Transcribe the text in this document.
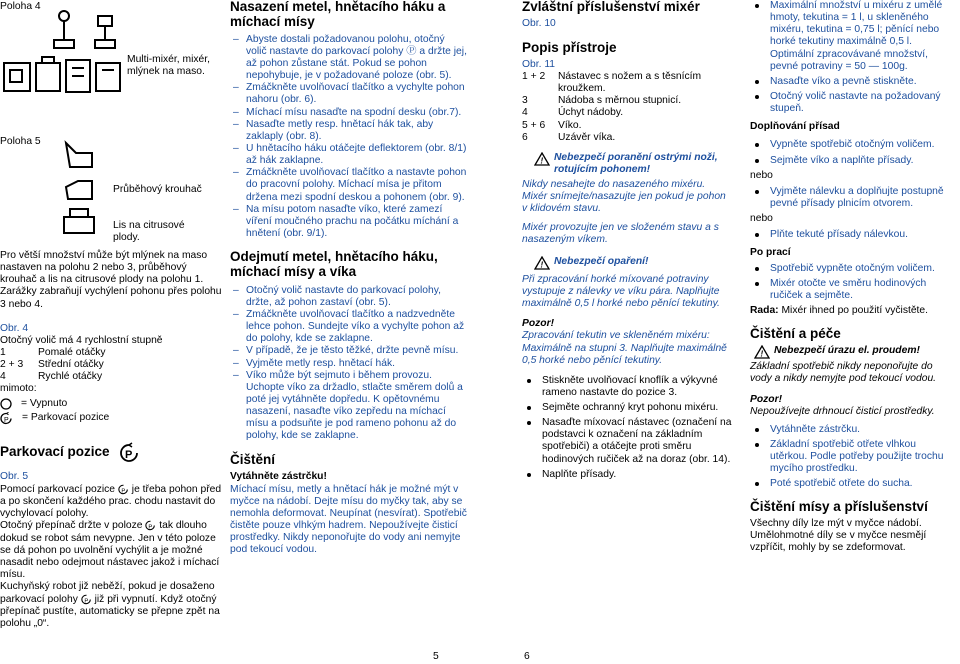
Poloha 4
Multi-mixér, mixér, mlýnek na maso.
Poloha 5
Průběhový krouhač
Lis na citrusové plody.

Pro větší množství může být mlýnek na maso nastaven na polohu 2 nebo 3, průběhový krouhač a lis na citrusové plody na polohu 1.

Zarážky zabraňují vychýlení pohonu přes polohu 3 nebo 4.

Obr. 4

Otočný volič má 4 rychlostní stupně

1	Pomalé otáčky
2 + 3	Střední otáčky
4	Rychlé otáčky

mimoto:

= Vypnuto
P = Parkovací pozice
Parkovací pozice P

Obr. 5

Pomocí parkovací pozice P je třeba pohon před a po skončení každého prac. chodu nastavit do vychylovací polohy.

Otočný přepínač držte v poloze P tak dlouho dokud se robot sám nevypne. Jen v této poloze se dá pohon po uvolnění vychýlit a je možné nasadit nebo odejmout nástavec jakož i míchací mísu.

Kuchyňský robot již neběží, pokud je dosaženo parkovací polohy P již při vypnutí. Když otočný přepínač pustíte, automaticky se přepne zpět na polohu „0“.

Nasazení metel, hnětacího háku a míchací mísy
– Abyste dostali požadovanou polohu, otočný volič nastavte do parkovací polohy Ⓟ a držte jej, až pohon zůstane stát. Pokud se pohon nepohybuje, je v požadované poloze (obr. 5).
– Zmáčkněte uvolňovací tlačítko a vychylte pohon nahoru (obr. 6).
– Míchací mísu nasaďte na spodní desku (obr.7).
– Nasaďte metly resp. hnětací hák tak, aby zaklaply (obr. 8).
– U hnětacího háku otáčejte deflektorem (obr. 8/1) až hák zaklapne.
– Zmáčkněte uvolňovací tlačítko a nastavte pohon do pracovní polohy. Míchací mísa je přitom držena mezi spodní deskou a pohonem (obr. 9).
– Na mísu potom nasaďte víko, které zamezí víření moučného prachu na počátku míchání a hnětení (obr. 9/1).
Odejmutí metel, hnětacího háku, míchací mísy a víka
– Otočný volič nastavte do parkovací polohy, držte, až pohon zastaví (obr. 5).
– Zmáčkněte uvolňovací tlačítko a nadzvedněte lehce pohon. Sundejte víko a vychylte pohon až do polohy, kde se zaklapne.
– V případě, že je těsto těžké, držte pevně mísu.
– Vyjměte metly resp. hnětací hák.
– Víko může být sejmuto i během provozu. Uchopte víko za držadlo, stlačte směrem dolů a poté jej vytáhněte dopředu. K opětovnému nasazení, nasaďte víko zepředu na míchací mísu a podsuňte je pod rameno pohonu až do polohy, kde se zaklapne.
Čištění

Vytáhněte zástrčku!

Míchací mísu, metly a hnětací hák je možné mýt v myčce na nádobí. Dejte mísu do myčky tak, aby se nemohla deformovat. Neupínat (nesvírat). Spotřebič čistěte pouze vlhkým hadrem. Nepoužívejte čisticí prostředky. Nikdy neponořujte do vody ani nemyjte pod tekoucí vodou.

Zvláštní příslušenství mixér

Obr. 10

Popis přístroje

Obr. 11

1 + 2	Nástavec s nožem a s těsnícím kroužkem.
3	Nádoba s měrnou stupnicí.
4	Úchyt nádoby.
5 + 6	Víko.
6	Uzávěr víka.
! Nebezpečí poranění ostrými noži, rotujícím pohonem!

Nikdy nesahejte do nasazeného mixéru. Mixér snímejte/nasazujte jen pokud je pohon v klidovém stavu.

Mixér provozujte jen ve složeném stavu a s nasazeným víkem.

! Nebezpečí opaření!

Při zpracování horké míxované potraviny vystupuje z nálevky ve víku pára. Naplňujte maximálně 0,5 l horké nebo pěnící tekutiny.

Pozor!

Zpracování tekutin ve skleněném mixéru: Maximálně na stupni 3. Naplňujte maximálně 0,5 horké nebo pěnící tekutiny.

Stiskněte uvolňovací knoflík a výkyvné rameno nastavte do pozice 3.
Sejměte ochranný kryt pohonu mixéru.
Nasaďte míxovací nástavec (označení na podstavci k označení na základním spotřebiči) a otáčejte proti směru hodinových ručiček až na doraz (obr. 14).
Naplňte přísady.
Maximální množství u mixéru z umělé hmoty, tekutina = 1 l, u skleněného mixéru, tekutina = 0,75 l; pěnící nebo horké tekutiny maximálně 0,5 l. Optimální zpracovávané množství, pevné potraviny = 50 — 100g.
Nasaďte víko a pevně stiskněte.
Otočný volič nastavte na požadovaný stupeň.

Doplňování přísad

Vypněte spotřebič otočným voličem.
Sejměte víko a naplňte přísady.

nebo

Vyjměte nálevku a doplňujte postupně pevné přísady plnicím otvorem.

nebo

Plňte tekuté přísady nálevkou.

Po prací

Spotřebič vypněte otočným voličem.
Mixér otočte ve směru hodinových ručiček a sejměte.

Rada: Mixér ihned po použití vyčistěte.

Čištění a péče
! Nebezpečí úrazu el. proudem!

Základní spotřebič nikdy neponořujte do vody a nikdy nemyjte pod tekoucí vodou.

Pozor!

Nepoužívejte drhnoucí čisticí prostředky.

Vytáhněte zástrčku.
Základní spotřebič otřete vlhkou utěrkou. Podle potřeby použijte trochu mycího prostředku.
Poté spotřebič otřete do sucha.
Čištění mísy a příslušenství

Všechny díly lze mýt v myčce nádobí. Umělohmotné díly se v myčce nesmějí vzpříčit, mohly by se zdeformovat.

5	6
